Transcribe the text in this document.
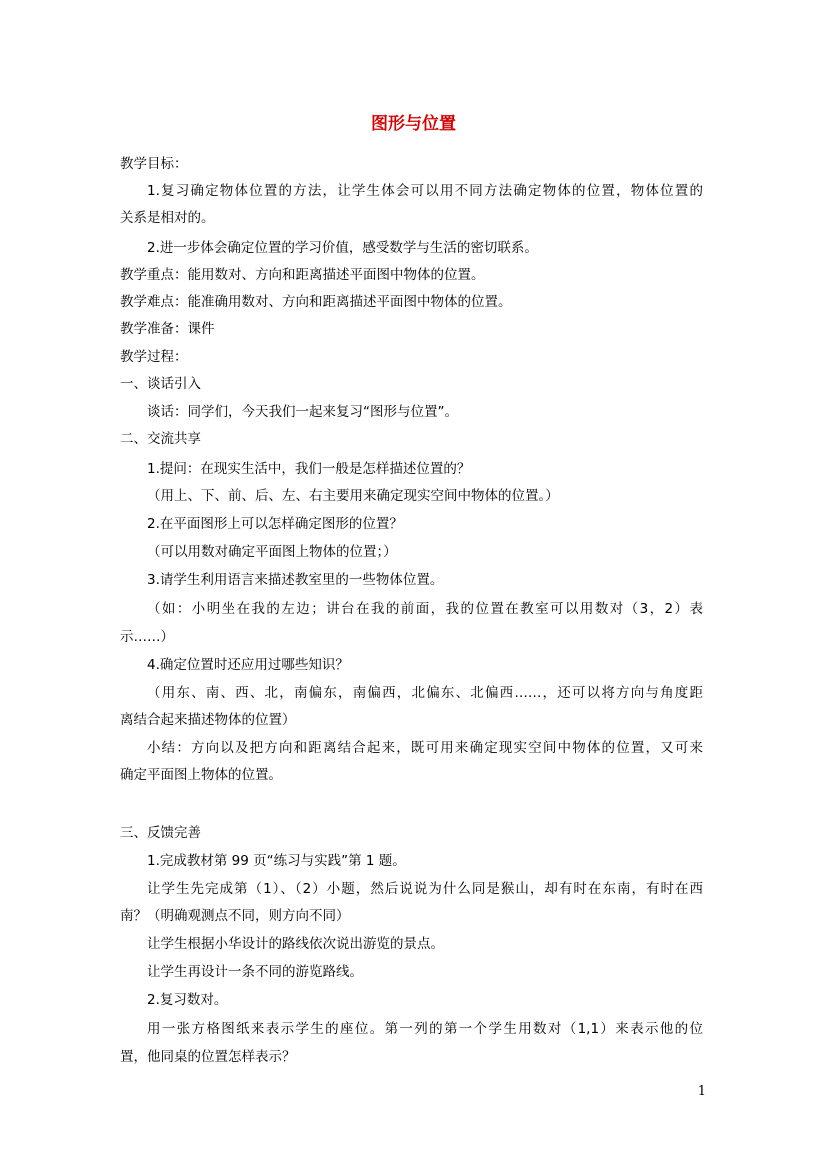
图形与位置
教学目标：
1.复习确定物体位置的方法，让学生体会可以用不同方法确定物体的位置，物体位置的
关系是相对的。
2.进一步体会确定位置的学习价值，感受数学与生活的密切联系。
教学重点：能用数对、方向和距离描述平面图中物体的位置。
教学难点：能准确用数对、方向和距离描述平面图中物体的位置。
教学准备：课件
教学过程：
一、谈话引入
谈话：同学们，今天我们一起来复习“图形与位置”。
二、交流共享
1.提问：在现实生活中，我们一般是怎样描述位置的？
（用上、下、前、后、左、右主要用来确定现实空间中物体的位置。）
2.在平面图形上可以怎样确定图形的位置？
（可以用数对确定平面图上物体的位置；）
3.请学生利用语言来描述教室里的一些物体位置。
（如：小明坐在我的左边；讲台在我的前面，我的位置在教室可以用数对（3，2）表
示……）
4.确定位置时还应用过哪些知识？
（用东、南、西、北，南偏东，南偏西，北偏东、北偏西……，还可以将方向与角度距
离结合起来描述物体的位置）
小结：方向以及把方向和距离结合起来，既可用来确定现实空间中物体的位置，又可来
确定平面图上物体的位置。
三、反馈完善
1.完成教材第 99 页“练习与实践”第 1 题。
让学生先完成第（1）、（2）小题，然后说说为什么同是猴山，却有时在东南，有时在西
南？（明确观测点不同，则方向不同）
让学生根据小华设计的路线依次说出游览的景点。
让学生再设计一条不同的游览路线。
2.复习数对。
用一张方格图纸来表示学生的座位。第一列的第一个学生用数对（1,1）来表示他的位
置，他同桌的位置怎样表示？
1
